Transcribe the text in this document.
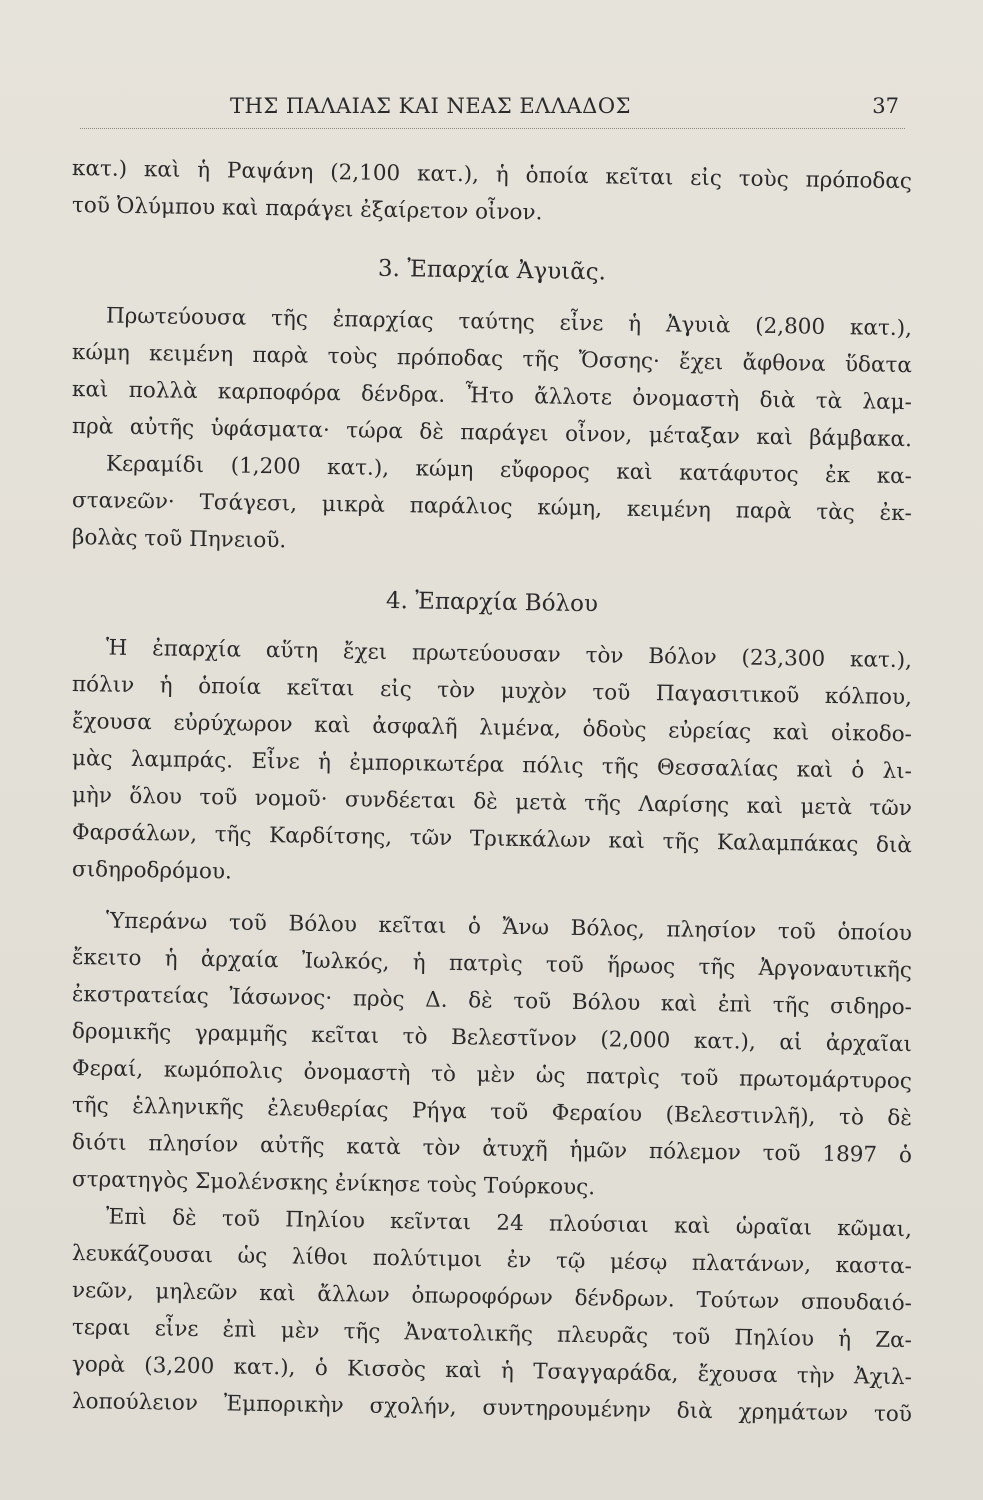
ΤΗΣ ΠΑΛΑΙΑΣ ΚΑΙ ΝΕΑΣ ΕΛΛΑΔΟΣ	37
κατ.) καὶ ἡ Ραψάνη (2,100 κατ.), ἡ ὁποία κεῖται εἰς τοὺς πρόποδας
τοῦ Ὀλύμπου καὶ παράγει ἐξαίρετον οἶνον.
3. Ἐπαρχία Ἀγυιᾶς.
Πρωτεύουσα τῆς ἐπαρχίας ταύτης εἶνε ἡ Ἀγυιὰ (2,800 κατ.),
κώμη κειμένη παρὰ τοὺς πρόποδας τῆς Ὄσσης· ἔχει ἄφθονα ὕδατα
καὶ πολλὰ καρποφόρα δένδρα. Ἦτο ἄλλοτε ὀνομαστὴ διὰ τὰ λαμ-
πρὰ αὐτῆς ὑφάσματα· τώρα δὲ παράγει οἶνον, μέταξαν καὶ βάμβακα.
Κεραμίδι (1,200 κατ.), κώμη εὔφορος καὶ κατάφυτος ἐκ κα-
στανεῶν· Τσάγεσι, μικρὰ παράλιος κώμη, κειμένη παρὰ τὰς ἐκ-
βολὰς τοῦ Πηνειοῦ.
4. Ἐπαρχία Βόλου
Ἡ ἐπαρχία αὕτη ἔχει πρωτεύουσαν τὸν Βόλον (23,300 κατ.),
πόλιν ἡ ὁποία κεῖται εἰς τὸν μυχὸν τοῦ Παγασιτικοῦ κόλπου,
ἔχουσα εὐρύχωρον καὶ ἀσφαλῆ λιμένα, ὁδοὺς εὐρείας καὶ οἰκοδο-
μὰς λαμπράς. Εἶνε ἡ ἐμπορικωτέρα πόλις τῆς Θεσσαλίας καὶ ὁ λι-
μὴν ὅλου τοῦ νομοῦ· συνδέεται δὲ μετὰ τῆς Λαρίσης καὶ μετὰ τῶν
Φαρσάλων, τῆς Καρδίτσης, τῶν Τρικκάλων καὶ τῆς Καλαμπάκας διὰ
σιδηροδρόμου.
Ὑπεράνω τοῦ Βόλου κεῖται ὁ Ἄνω Βόλος, πλησίον τοῦ ὁποίου
ἔκειτο ἡ ἀρχαία Ἰωλκός, ἡ πατρὶς τοῦ ἥρωος τῆς Ἀργοναυτικῆς
ἐκστρατείας Ἰάσωνος· πρὸς Δ. δὲ τοῦ Βόλου καὶ ἐπὶ τῆς σιδηρο-
δρομικῆς γραμμῆς κεῖται τὸ Βελεστῖνον (2,000 κατ.), αἱ ἀρχαῖαι
Φεραί, κωμόπολις ὀνομαστὴ τὸ μὲν ὡς πατρὶς τοῦ πρωτομάρτυρος
τῆς ἑλληνικῆς ἐλευθερίας Ρήγα τοῦ Φεραίου (Βελεστινλῆ), τὸ δὲ
διότι πλησίον αὐτῆς κατὰ τὸν ἀτυχῆ ἡμῶν πόλεμον τοῦ 1897 ὁ
στρατηγὸς Σμολένσκης ἐνίκησε τοὺς Τούρκους.
Ἐπὶ δὲ τοῦ Πηλίου κεῖνται 24 πλούσιαι καὶ ὡραῖαι κῶμαι,
λευκάζουσαι ὡς λίθοι πολύτιμοι ἐν τῷ μέσῳ πλατάνων, καστα-
νεῶν, μηλεῶν καὶ ἄλλων ὀπωροφόρων δένδρων. Τούτων σπουδαιό-
τεραι εἶνε ἐπὶ μὲν τῆς Ἀνατολικῆς πλευρᾶς τοῦ Πηλίου ἡ Ζα-
γορὰ (3,200 κατ.), ὁ Κισσὸς καὶ ἡ Τσαγγαράδα, ἔχουσα τὴν Ἀχιλ-
λοπούλειον Ἐμπορικὴν σχολήν, συντηρουμένην διὰ χρημάτων τοῦ
